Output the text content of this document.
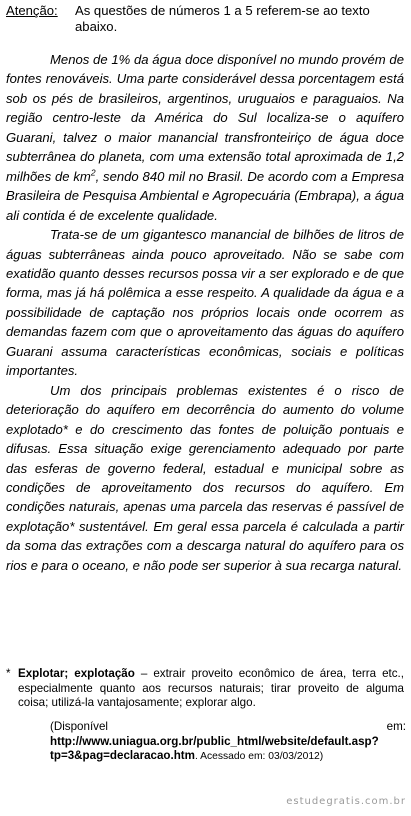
Atenção: As questões de números 1 a 5 referem-se ao texto abaixo.

Menos de 1% da água doce disponível no mundo provém de fontes renováveis. Uma parte considerável dessa porcentagem está sob os pés de brasileiros, argentinos, uruguaios e paraguaios. Na região centro-leste da América do Sul localiza-se o aquífero Guarani, talvez o maior manancial transfronteiriço de água doce subterrânea do planeta, com uma extensão total aproximada de 1,2 milhões de $km^2$, sendo 840 mil no Brasil. De acordo com a Empresa Brasileira de Pesquisa Ambiental e Agropecuária (Embrapa), a água ali contida é de excelente qualidade.

Trata-se de um gigantesco manancial de bilhões de litros de águas subterrâneas ainda pouco aproveitado. Não se sabe com exatidão quanto desses recursos possa vir a ser explorado e de que forma, mas já há polêmica a esse respeito. A qualidade da água e a possibilidade de captação nos próprios locais onde ocorrem as demandas fazem com que o aproveitamento das águas do aquífero Guarani assuma características econômicas, sociais e políticas importantes.

Um dos principais problemas existentes é o risco de deterioração do aquífero em decorrência do aumento do volume explotado* e do crescimento das fontes de poluição pontuais e difusas. Essa situação exige gerenciamento adequado por parte das esferas de governo federal, estadual e municipal sobre as condições de aproveitamento dos recursos do aquífero. Em condições naturais, apenas uma parcela das reservas é passível de explotação* sustentável. Em geral essa parcela é calculada a partir da soma das extrações com a descarga natural do aquífero para os rios e para o oceano, e não pode ser superior à sua recarga natural.

* Explotar; explotação – extrair proveito econômico de área, terra etc., especialmente quanto aos recursos naturais; tirar proveito de alguma coisa; utilizá-la vantajosamente; explorar algo.
(Disponível em: http://www.uniagua.org.br/public_html/website/default.asp?tp=3&pag=declaracao.htm. Acessado em: 03/03/2012)
estudegratis.com.br
